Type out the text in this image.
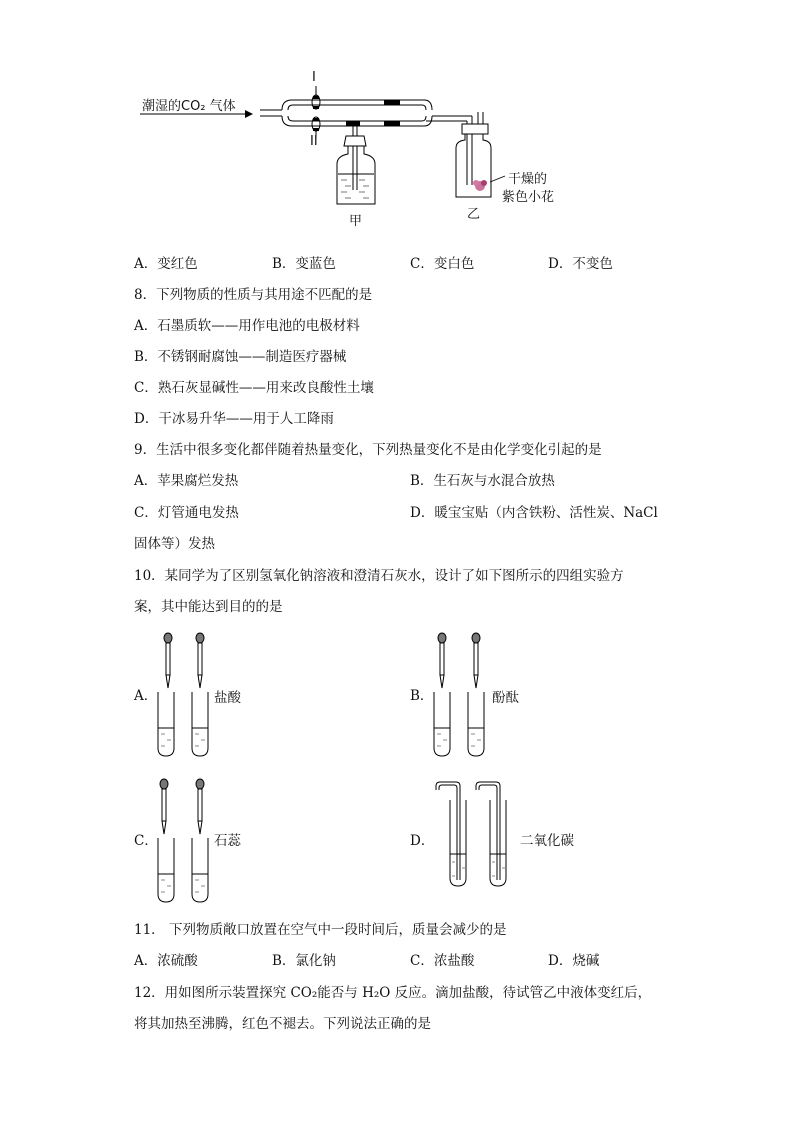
潮湿的CO₂ 气体
I
II
甲	乙
干燥的
紫色小花
A．变红色	B．变蓝色	C．变白色	D．不变色
8．下列物质的性质与其用途不匹配的是
A．石墨质软——用作电池的电极材料
B．不锈钢耐腐蚀——制造医疗器械
C．熟石灰显碱性——用来改良酸性土壤
D．干冰易升华——用于人工降雨
9．生活中很多变化都伴随着热量变化，下列热量变化不是由化学变化引起的是
A．苹果腐烂发热	B．生石灰与水混合放热
C．灯管通电发热	D．暖宝宝贴（内含铁粉、活性炭、NaCl
固体等）发热
10．某同学为了区别氢氧化钠溶液和澄清石灰水，设计了如下图所示的四组实验方
案，其中能达到目的的是
A．	盐酸	B．	酚酞
C．	石蕊	D．	二氧化碳
11． 下列物质敞口放置在空气中一段时间后，质量会减少的是
A．浓硫酸	B．氯化钠	C．浓盐酸	D．烧碱
12．用如图所示装置探究 CO₂能否与 H₂O 反应。滴加盐酸，待试管乙中液体变红后，
将其加热至沸腾，红色不褪去。下列说法正确的是
